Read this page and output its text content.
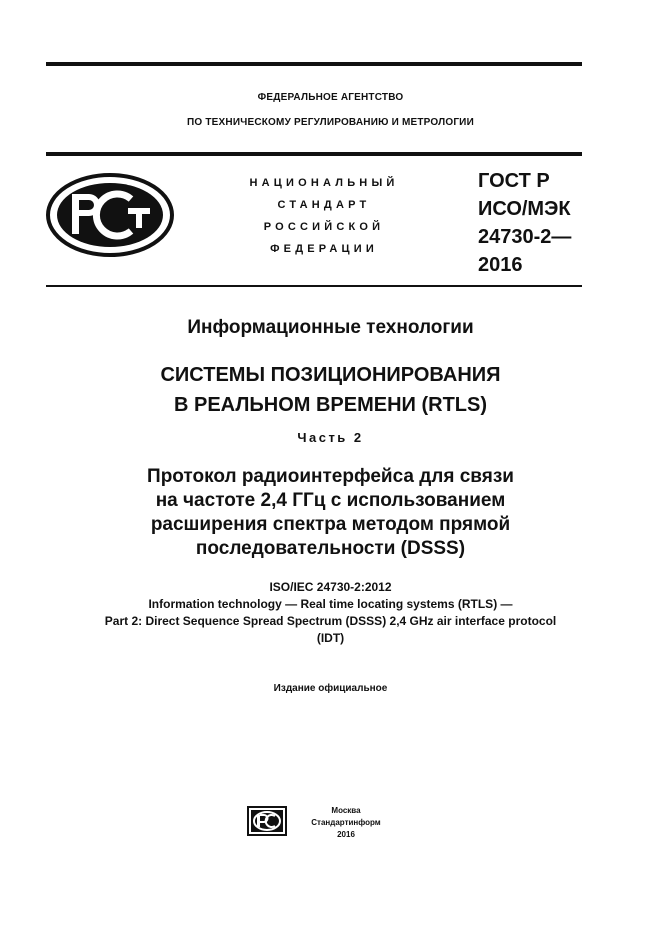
ФЕДЕРАЛЬНОЕ АГЕНТСТВО
ПО ТЕХНИЧЕСКОМУ РЕГУЛИРОВАНИЮ И МЕТРОЛОГИИ
НАЦИОНАЛЬНЫЙ
СТАНДАРТ
РОССИЙСКОЙ
ФЕДЕРАЦИИ
ГОСТ Р
ИСО/МЭК
24730-2—
2016
Информационные технологии
СИСТЕМЫ ПОЗИЦИОНИРОВАНИЯ
В РЕАЛЬНОМ ВРЕМЕНИ (RTLS)
Часть 2
Протокол радиоинтерфейса для связи
на частоте 2,4 ГГц с использованием
расширения спектра методом прямой
последовательности (DSSS)
ISO/IEC 24730-2:2012
Information technology — Real time locating systems (RTLS) —
Part 2: Direct Sequence Spread Spectrum (DSSS) 2,4 GHz air interface protocol
(IDT)
Издание официальное
Москва
Стандартинформ
2016
